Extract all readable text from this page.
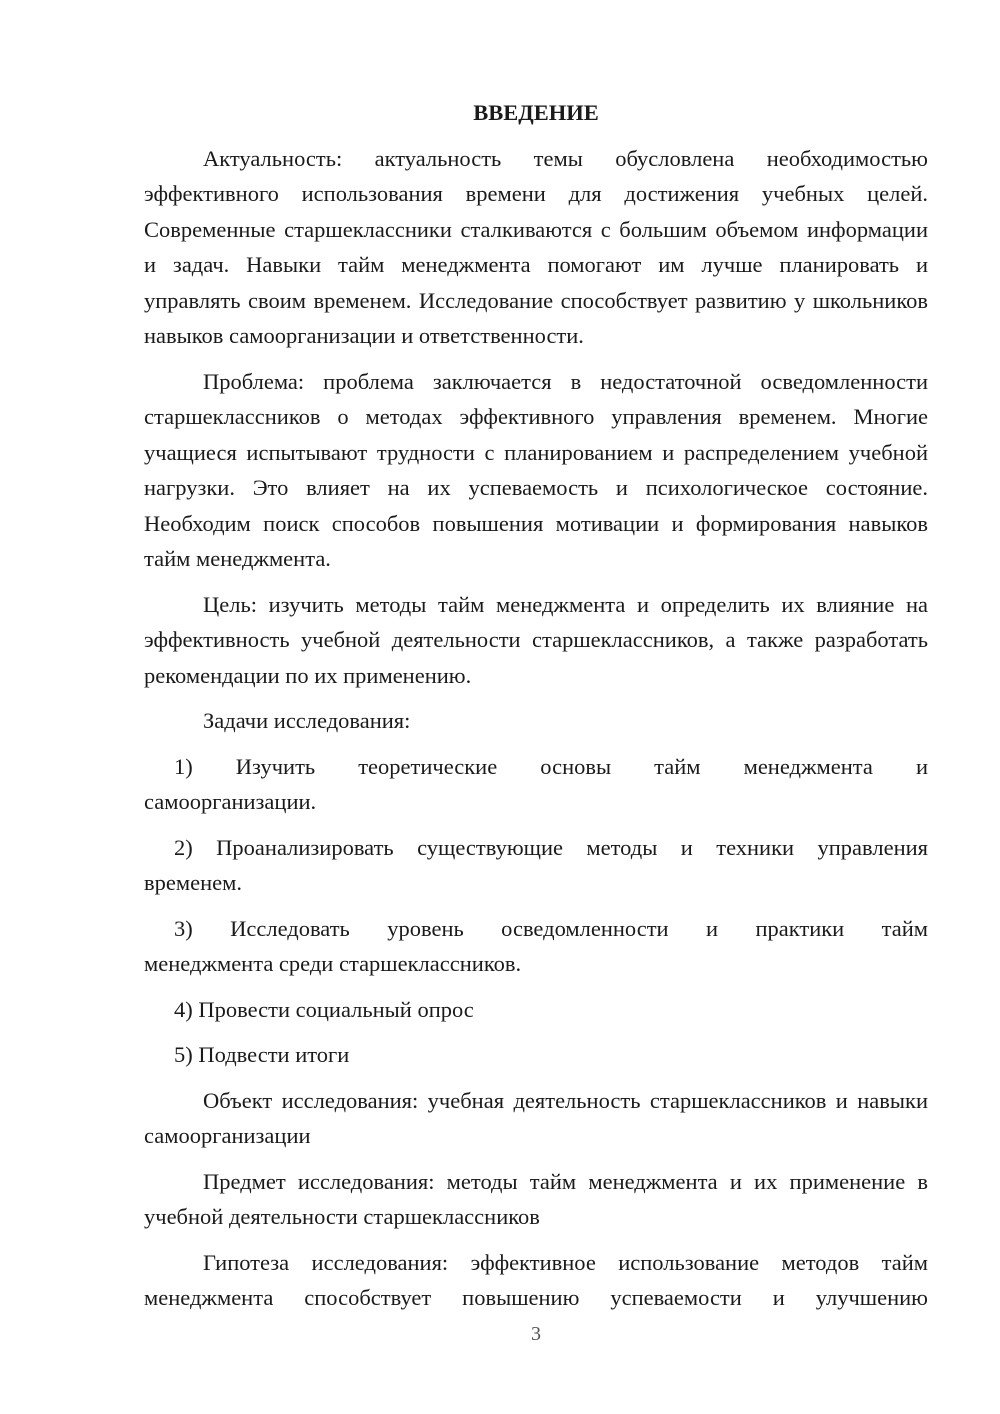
ВВЕДЕНИЕ

Актуальность: актуальность темы обусловлена необходимостью эффективного использования времени для достижения учебных целей. Современные старшеклассники сталкиваются с большим объемом информации и задач. Навыки тайм менеджмента помогают им лучше планировать и управлять своим временем. Исследование способствует развитию у школьников навыков самоорганизации и ответственности.

Проблема: проблема заключается в недостаточной осведомленности старшеклассников о методах эффективного управления временем. Многие учащиеся испытывают трудности с планированием и распределением учебной нагрузки. Это влияет на их успеваемость и психологическое состояние. Необходим поиск способов повышения мотивации и формирования навыков тайм менеджмента.

Цель: изучить методы тайм менеджмента и определить их влияние на эффективность учебной деятельности старшеклассников, а также разработать рекомендации по их применению.

Задачи исследования:

1) Изучить теоретические основы тайм менеджмента и
самоорганизации.
2) Проанализировать существующие методы и техники управления
временем.
3) Исследовать уровень осведомленности и практики тайм
менеджмента среди старшеклассников.
4) Провести социальный опрос
5) Подвести итоги

Объект исследования: учебная деятельность старшеклассников и навыки самоорганизации

Предмет исследования: методы тайм менеджмента и их применение в учебной деятельности старшеклассников

Гипотеза исследования: эффективное использование методов тайм менеджмента способствует повышению успеваемости и улучшению

3
